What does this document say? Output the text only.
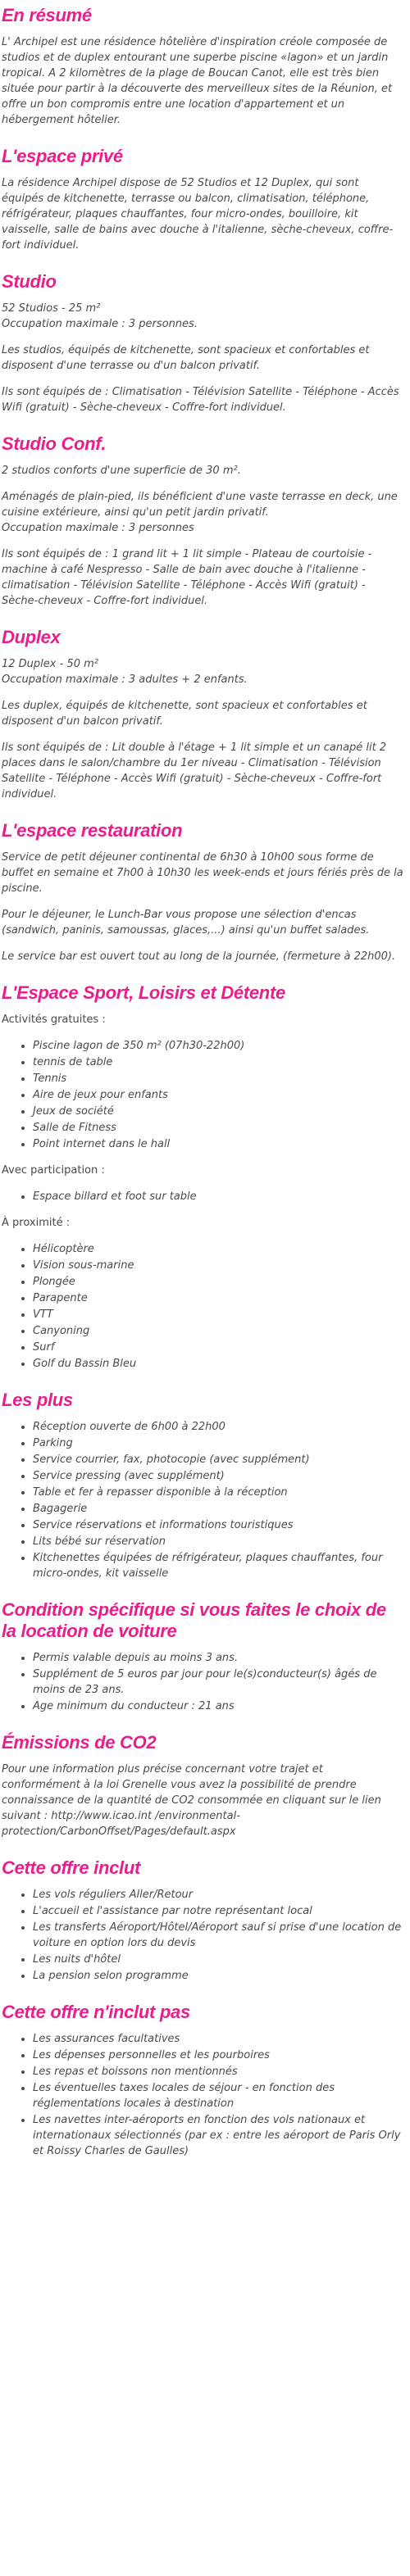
En résumé

L' Archipel est une résidence hôtelière d'inspiration créole composée de studios et de duplex entourant une superbe piscine «lagon» et un jardin tropical. A 2 kilomètres de la plage de Boucan Canot, elle est très bien située pour partir à la découverte des merveilleux sites de la Réunion, et offre un bon compromis entre une location d'appartement et un hébergement hôtelier.

L'espace privé

La résidence Archipel dispose de 52 Studios et 12 Duplex, qui sont équipés de kitchenette, terrasse ou balcon, climatisation, téléphone, réfrigérateur, plaques chauffantes, four micro-ondes, bouilloire, kit vaisselle, salle de bains avec douche à l'italienne, sèche-cheveux, coffre-fort individuel.

Studio

52 Studios - 25 m²
Occupation maximale : 3 personnes.

Les studios, équipés de kitchenette, sont spacieux et confortables et disposent d'une terrasse ou d'un balcon privatif.

Ils sont équipés de : Climatisation - Télévision Satellite - Téléphone - Accès Wifi (gratuit) - Sèche-cheveux - Coffre-fort individuel.

Studio Conf.

2 studios conforts d'une superficie de 30 m².

Aménagés de plain-pied, ils bénéficient d'une vaste terrasse en deck, une cuisine extérieure, ainsi qu'un petit jardin privatif.
Occupation maximale : 3 personnes

Ils sont équipés de : 1 grand lit + 1 lit simple - Plateau de courtoisie - machine à café Nespresso - Salle de bain avec douche à l'italienne - climatisation - Télévision Satellite - Téléphone - Accès Wifi (gratuit) - Sèche-cheveux - Coffre-fort individuel.

Duplex

12 Duplex - 50 m²
Occupation maximale : 3 adultes + 2 enfants.

Les duplex, équipés de kitchenette, sont spacieux et confortables et disposent d'un balcon privatif.

Ils sont équipés de : Lit double à l'étage + 1 lit simple et un canapé lit 2 places dans le salon/chambre du 1er niveau - Climatisation - Télévision Satellite - Téléphone - Accès Wifi (gratuit) - Sèche-cheveux - Coffre-fort individuel.

L'espace restauration

Service de petit déjeuner continental de 6h30 à 10h00 sous forme de buffet en semaine et 7h00 à 10h30 les week-ends et jours fériés près de la piscine.

Pour le déjeuner, le Lunch-Bar vous propose une sélection d'encas (sandwich, paninis, samoussas, glaces,...) ainsi qu'un buffet salades.

Le service bar est ouvert tout au long de la journée, (fermeture à 22h00).

L'Espace Sport, Loisirs et Détente

Activités gratuites :

• Piscine lagon de 350 m² (07h30-22h00)
• tennis de table
• Tennis
• Aire de jeux pour enfants
• Jeux de société
• Salle de Fitness
• Point internet dans le hall

Avec participation :

• Espace billard et foot sur table

À proximité :

• Hélicoptère
• Vision sous-marine
• Plongée
• Parapente
• VTT
• Canyoning
• Surf
• Golf du Bassin Bleu
Les plus
• Réception ouverte de 6h00 à 22h00
• Parking
• Service courrier, fax, photocopie (avec supplément)
• Service pressing (avec supplément)
• Table et fer à repasser disponible à la réception
• Bagagerie
• Service réservations et informations touristiques
• Lits bébé sur réservation
• Kitchenettes équipées de réfrigérateur, plaques chauffantes, four micro-ondes, kit vaisselle
Condition spécifique si vous faites le choix de la location de voiture
• Permis valable depuis au moins 3 ans.
• Supplément de 5 euros par jour pour le(s)conducteur(s) âgés de moins de 23 ans.
• Age minimum du conducteur : 21 ans
Émissions de CO2

Pour une information plus précise concernant votre trajet et conformément à la loi Grenelle vous avez la possibilité de prendre connaissance de la quantité de CO2 consommée en cliquant sur le lien suivant : http://www.icao.int /environmental-protection/CarbonOffset/Pages/default.aspx

Cette offre inclut
• Les vols réguliers Aller/Retour
• L'accueil et l'assistance par notre représentant local
• Les transferts Aéroport/Hôtel/Aéroport sauf si prise d'une location de voiture en option lors du devis
• Les nuits d'hôtel
• La pension selon programme
Cette offre n'inclut pas
• Les assurances facultatives
• Les dépenses personnelles et les pourboires
• Les repas et boissons non mentionnés
• Les éventuelles taxes locales de séjour - en fonction des réglementations locales à destination
• Les navettes inter-aéroports en fonction des vols nationaux et internationaux sélectionnés (par ex : entre les aéroport de Paris Orly et Roissy Charles de Gaulles)
